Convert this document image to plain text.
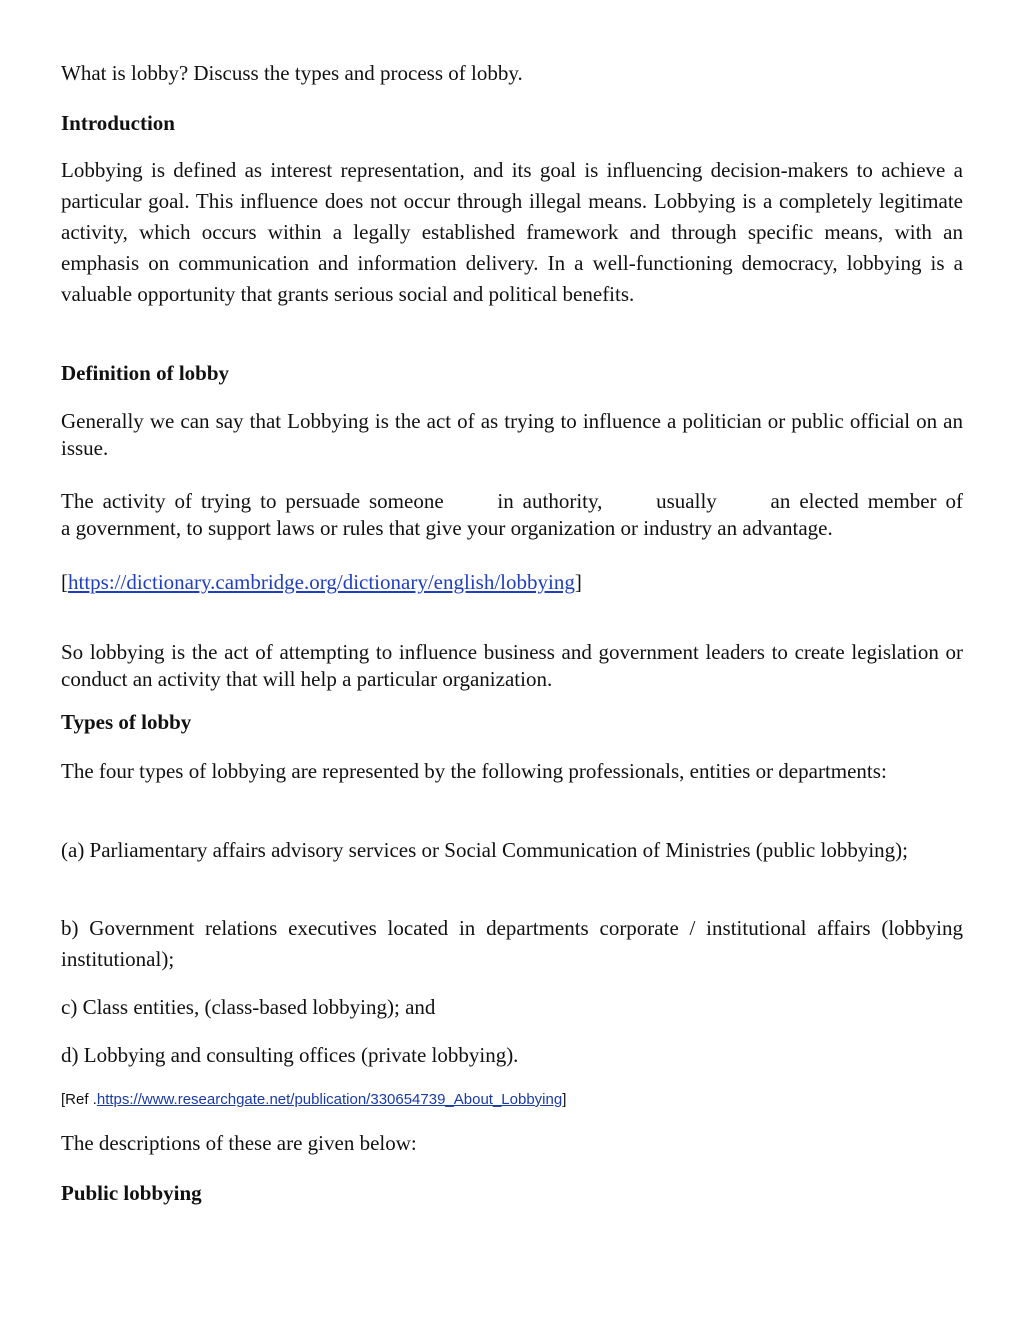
What is lobby? Discuss the types and process of lobby.

Introduction

Lobbying is defined as interest representation, and its goal is influencing decision-makers to achieve a particular goal. This influence does not occur through illegal means. Lobbying is a completely legitimate activity, which occurs within a legally established framework and through specific means, with an emphasis on communication and information delivery. In a well-functioning democracy, lobbying is a valuable opportunity that grants serious social and political benefits.

Definition of lobby

Generally we can say that Lobbying is the act of as trying to influence a politician or public official on an issue.

The activity of trying to persuade someone      in authority,      usually      an elected member of

a government, to support laws or rules that give your organization or industry an advantage.

[https://dictionary.cambridge.org/dictionary/english/lobbying]

So lobbying is the act of attempting to influence business and government leaders to create legislation or conduct an activity that will help a particular organization.

Types of lobby

The four types of lobbying are represented by the following professionals, entities or departments:

(a) Parliamentary affairs advisory services or Social Communication of Ministries (public lobbying);

b) Government relations executives located in departments corporate / institutional affairs (lobbying institutional);

c) Class entities, (class-based lobbying); and

d) Lobbying and consulting offices (private lobbying).

[Ref .https://www.researchgate.net/publication/330654739_About_Lobbying]

The descriptions of these are given below:

Public lobbying
